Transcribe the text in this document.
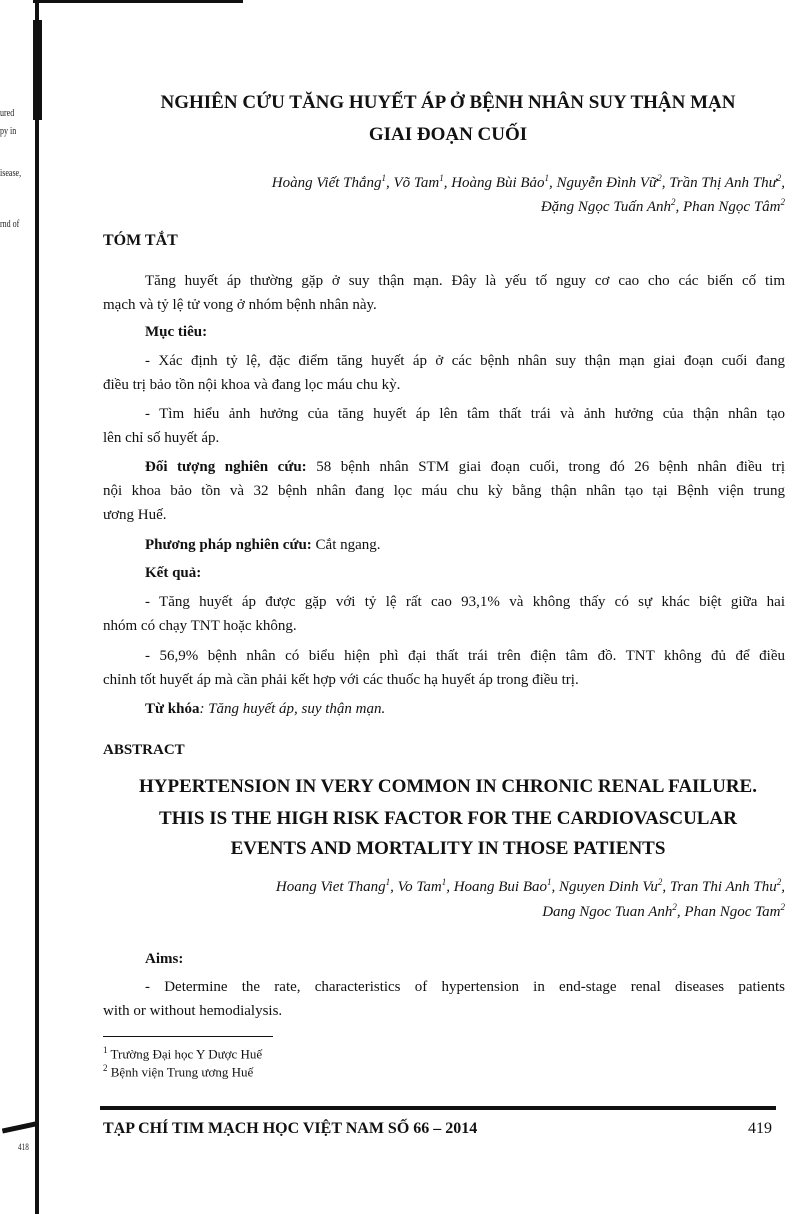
ured
py in
isease,
rnd of
418
NGHIÊN CỨU TĂNG HUYẾT ÁP Ở BỆNH NHÂN SUY THẬN MẠN
GIAI ĐOẠN CUỐI
Hoàng Viết Thắng$^1$, Võ Tam$^1$, Hoàng Bùi Bảo$^1$, Nguyễn Đình Vữ$^2$, Trần Thị Anh Thư$^2$,
Đặng Ngọc Tuấn Anh$^2$, Phan Ngọc Tâm$^2$
TÓM TẮT
Tăng huyết áp thường gặp ở suy thận mạn. Đây là yếu tố nguy cơ cao cho các biến cố tim
mạch và tỷ lệ tử vong ở nhóm bệnh nhân này.
Mục tiêu:
- Xác định tỷ lệ, đặc điểm tăng huyết áp ở các bệnh nhân suy thận mạn giai đoạn cuối đang
điều trị bảo tồn nội khoa và đang lọc máu chu kỳ.
- Tìm hiểu ảnh hưởng của tăng huyết áp lên tâm thất trái và ảnh hưởng của thận nhân tạo
lên chỉ số huyết áp.
Đối tượng nghiên cứu: 58 bệnh nhân STM giai đoạn cuối, trong đó 26 bệnh nhân điều trị
nội khoa bảo tồn và 32 bệnh nhân đang lọc máu chu kỳ bằng thận nhân tạo tại Bệnh viện trung
ương Huế.
Phương pháp nghiên cứu: Cắt ngang.
Kết quả:
- Tăng huyết áp được gặp với tỷ lệ rất cao 93,1% và không thấy có sự khác biệt giữa hai
nhóm có chạy TNT hoặc không.
- 56,9% bệnh nhân có biểu hiện phì đại thất trái trên điện tâm đồ. TNT không đủ để điều
chỉnh tốt huyết áp mà cần phải kết hợp với các thuốc hạ huyết áp trong điều trị.
Từ khóa: Tăng huyết áp, suy thận mạn.
ABSTRACT
HYPERTENSION IN VERY COMMON IN CHRONIC RENAL FAILURE.
THIS IS THE HIGH RISK FACTOR FOR THE CARDIOVASCULAR
EVENTS AND MORTALITY IN THOSE PATIENTS
Hoang Viet Thang$^1$, Vo Tam$^1$, Hoang Bui Bao$^1$, Nguyen Dinh Vu$^2$, Tran Thi Anh Thu$^2$,
Dang Ngoc Tuan Anh$^2$, Phan Ngoc Tam$^2$
Aims:
- Determine the rate, characteristics of hypertension in end-stage renal diseases patients
with or without hemodialysis.
$^1$ Trường Đại học Y Dược Huế
$^2$ Bệnh viện Trung ương Huế
TẠP CHÍ TIM MẠCH HỌC VIỆT NAM SỐ 66 – 2014	419
